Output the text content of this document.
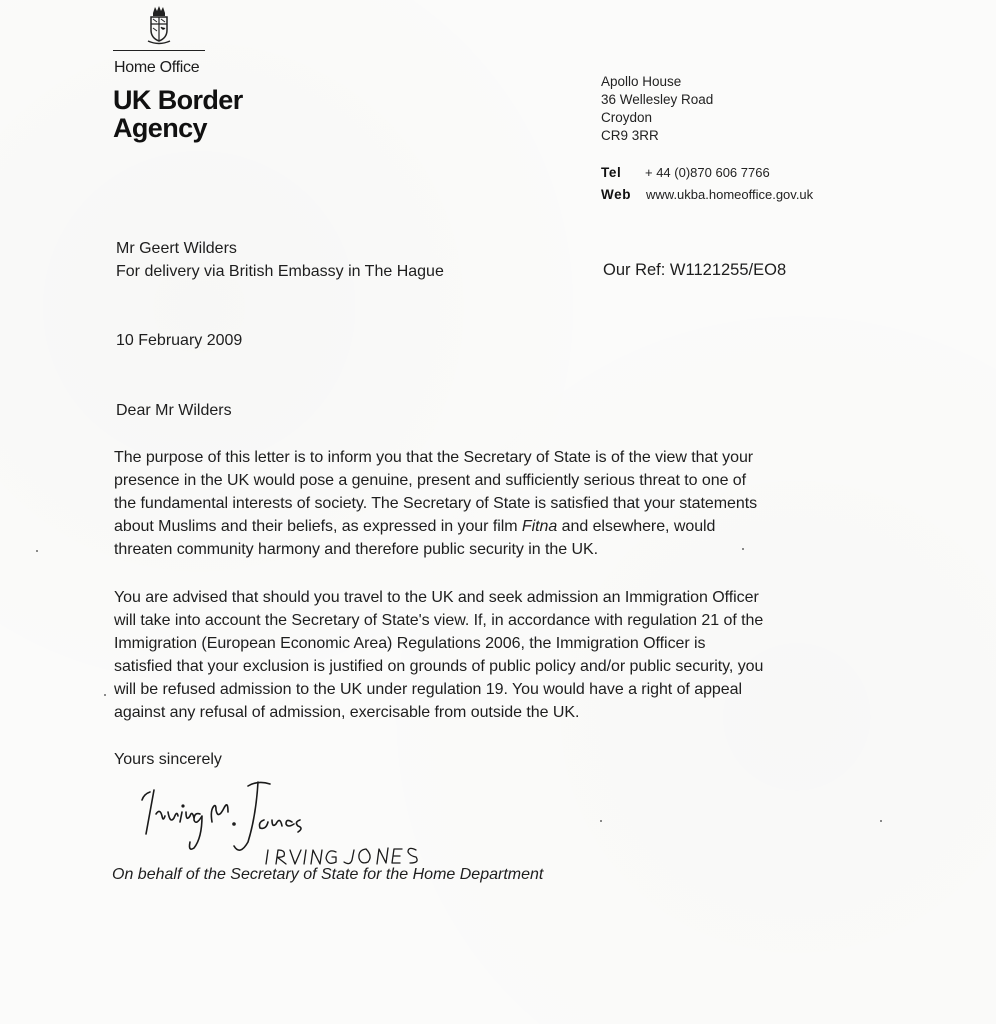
Home Office
UK Border
Agency
Apollo House
36 Wellesley Road
Croydon
CR9 3RR
Tel + 44 (0)870 606 7766
Web www.ukba.homeoffice.gov.uk
Mr Geert Wilders
For delivery via British Embassy in The Hague	Our Ref: W1121255/EO8
10 February 2009
Dear Mr Wilders
The purpose of this letter is to inform you that the Secretary of State is of the view that your
presence in the UK would pose a genuine, present and sufficiently serious threat to one of
the fundamental interests of society. The Secretary of State is satisfied that your statements
about Muslims and their beliefs, as expressed in your film Fitna and elsewhere, would
threaten community harmony and therefore public security in the UK.
You are advised that should you travel to the UK and seek admission an Immigration Officer
will take into account the Secretary of State's view. If, in accordance with regulation 21 of the
Immigration (European Economic Area) Regulations 2006, the Immigration Officer is
satisfied that your exclusion is justified on grounds of public policy and/or public security, you
will be refused admission to the UK under regulation 19. You would have a right of appeal
against any refusal of admission, exercisable from outside the UK.
Yours sincerely
On behalf of the Secretary of State for the Home Department
